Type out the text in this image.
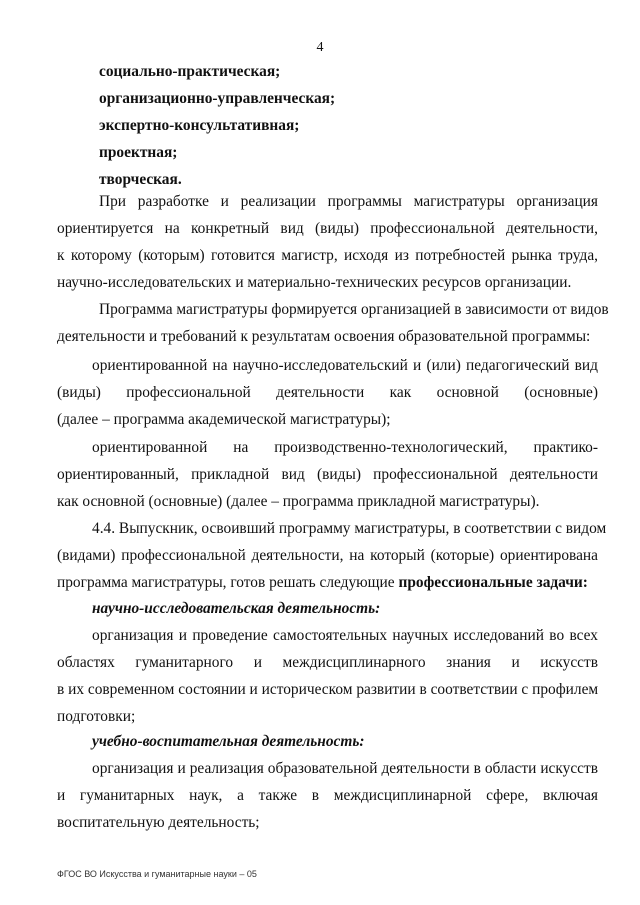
4
социально-практическая;
организационно-управленческая;
экспертно-консультативная;
проектная;
творческая.
При разработке и реализации программы магистратуры организация
ориентируется на конкретный вид (виды) профессиональной деятельности,
к которому (которым) готовится магистр, исходя из потребностей рынка труда,
научно-исследовательских и материально-технических ресурсов организации.
Программа магистратуры формируется организацией в зависимости от видов
деятельности и требований к результатам освоения образовательной программы:
ориентированной на научно-исследовательский и (или) педагогический вид
(виды) профессиональной деятельности как основной (основные)
(далее – программа академической магистратуры);
ориентированной на производственно-технологический, практико-
ориентированный, прикладной вид (виды) профессиональной деятельности
как основной (основные) (далее – программа прикладной магистратуры).
4.4. Выпускник, освоивший программу магистратуры, в соответствии с видом
(видами) профессиональной деятельности, на который (которые) ориентирована
программа магистратуры, готов решать следующие профессиональные задачи:
научно-исследовательская деятельность:
организация и проведение самостоятельных научных исследований во всех
областях гуманитарного и междисциплинарного знания и искусств
в их современном состоянии и историческом развитии в соответствии с профилем
подготовки;
учебно-воспитательная деятельность:
организация и реализация образовательной деятельности в области искусств
и гуманитарных наук, а также в междисциплинарной сфере, включая
воспитательную деятельность;
ФГОС ВО Искусства и гуманитарные науки – 05
